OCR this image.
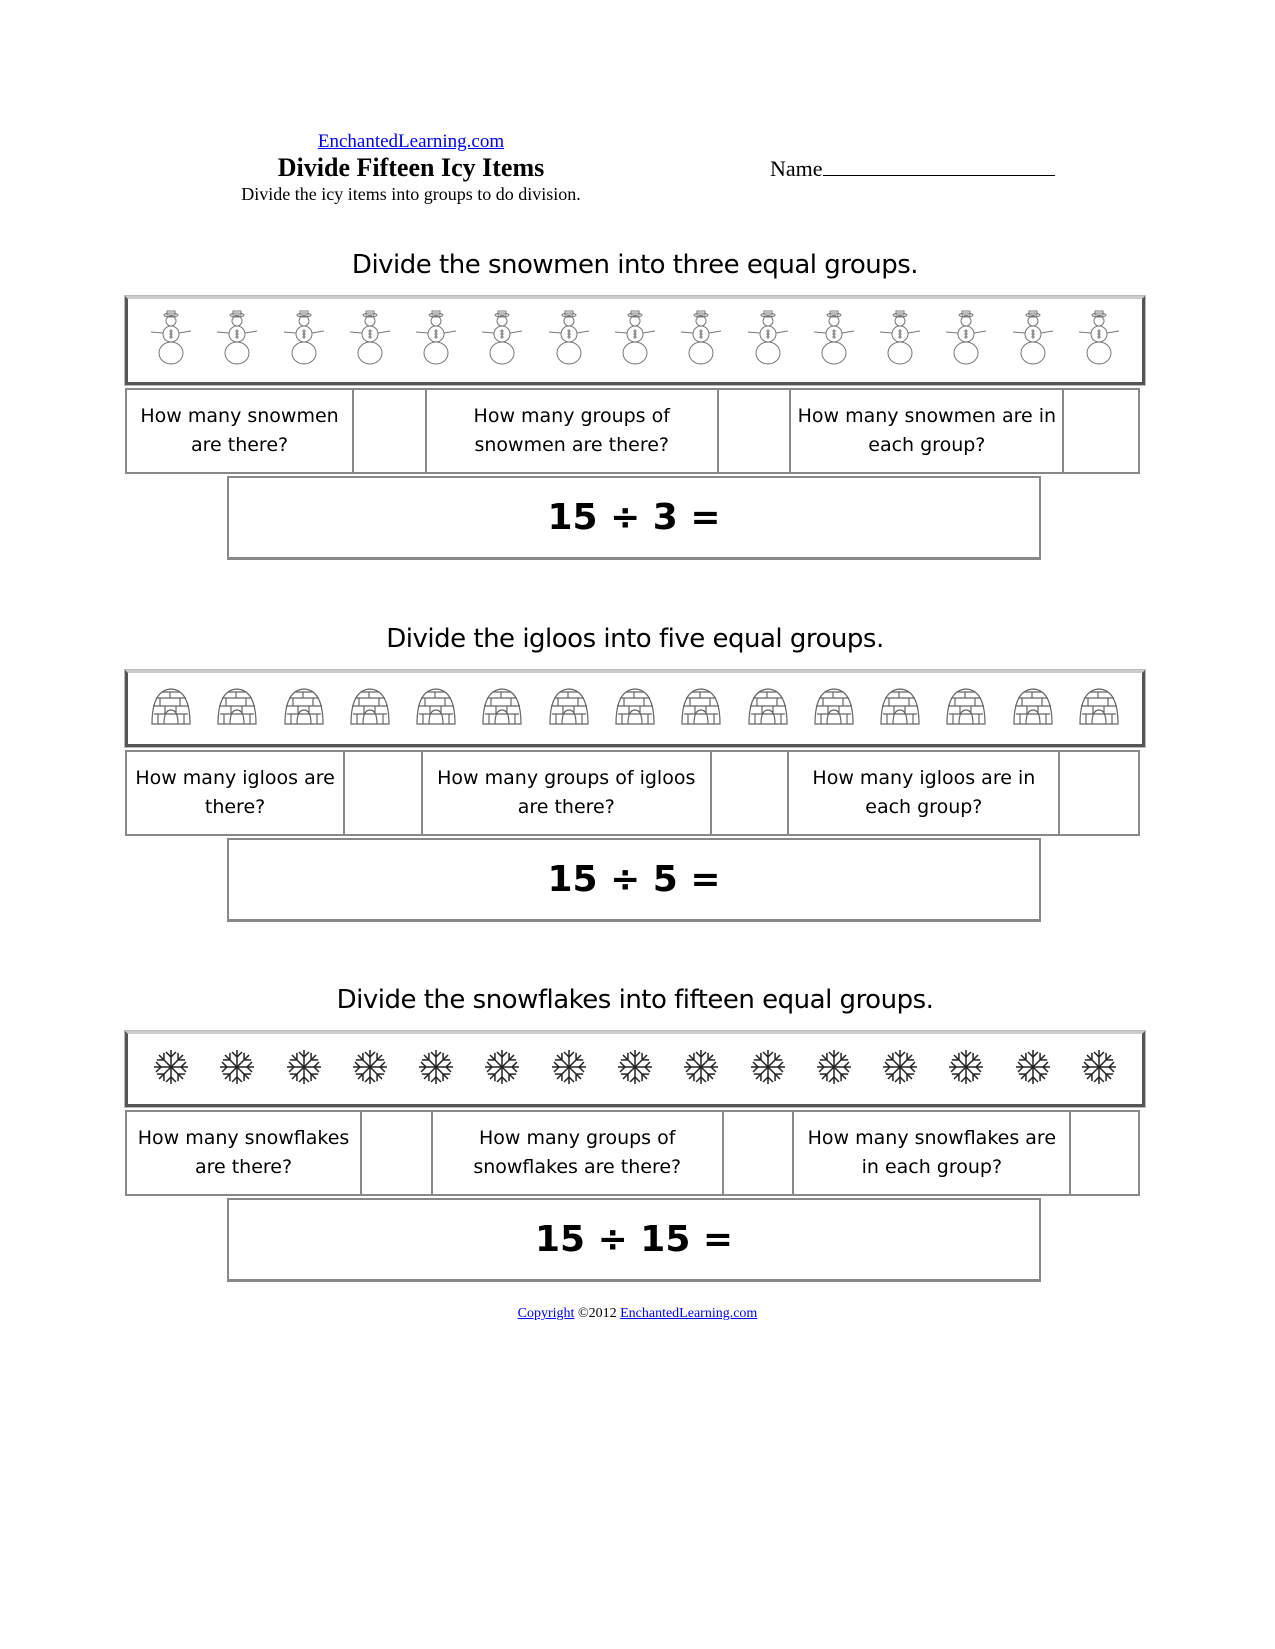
EnchantedLearning.com
Divide Fifteen Icy Items
Divide the icy items into groups to do division.
Name
Divide the snowmen into three equal groups.
How many snowmen are there?
How many groups of snowmen are there?
How many snowmen are in each group?
15 ÷ 3 =
Divide the igloos into five equal groups.
How many igloos are there?
How many groups of igloos are there?
How many igloos are in each group?
15 ÷ 5 =
Divide the snowflakes into fifteen equal groups.
How many snowflakes are there?
How many groups of snowflakes are there?
How many snowflakes are in each group?
15 ÷ 15 =
Copyright ©2012 EnchantedLearning.com
